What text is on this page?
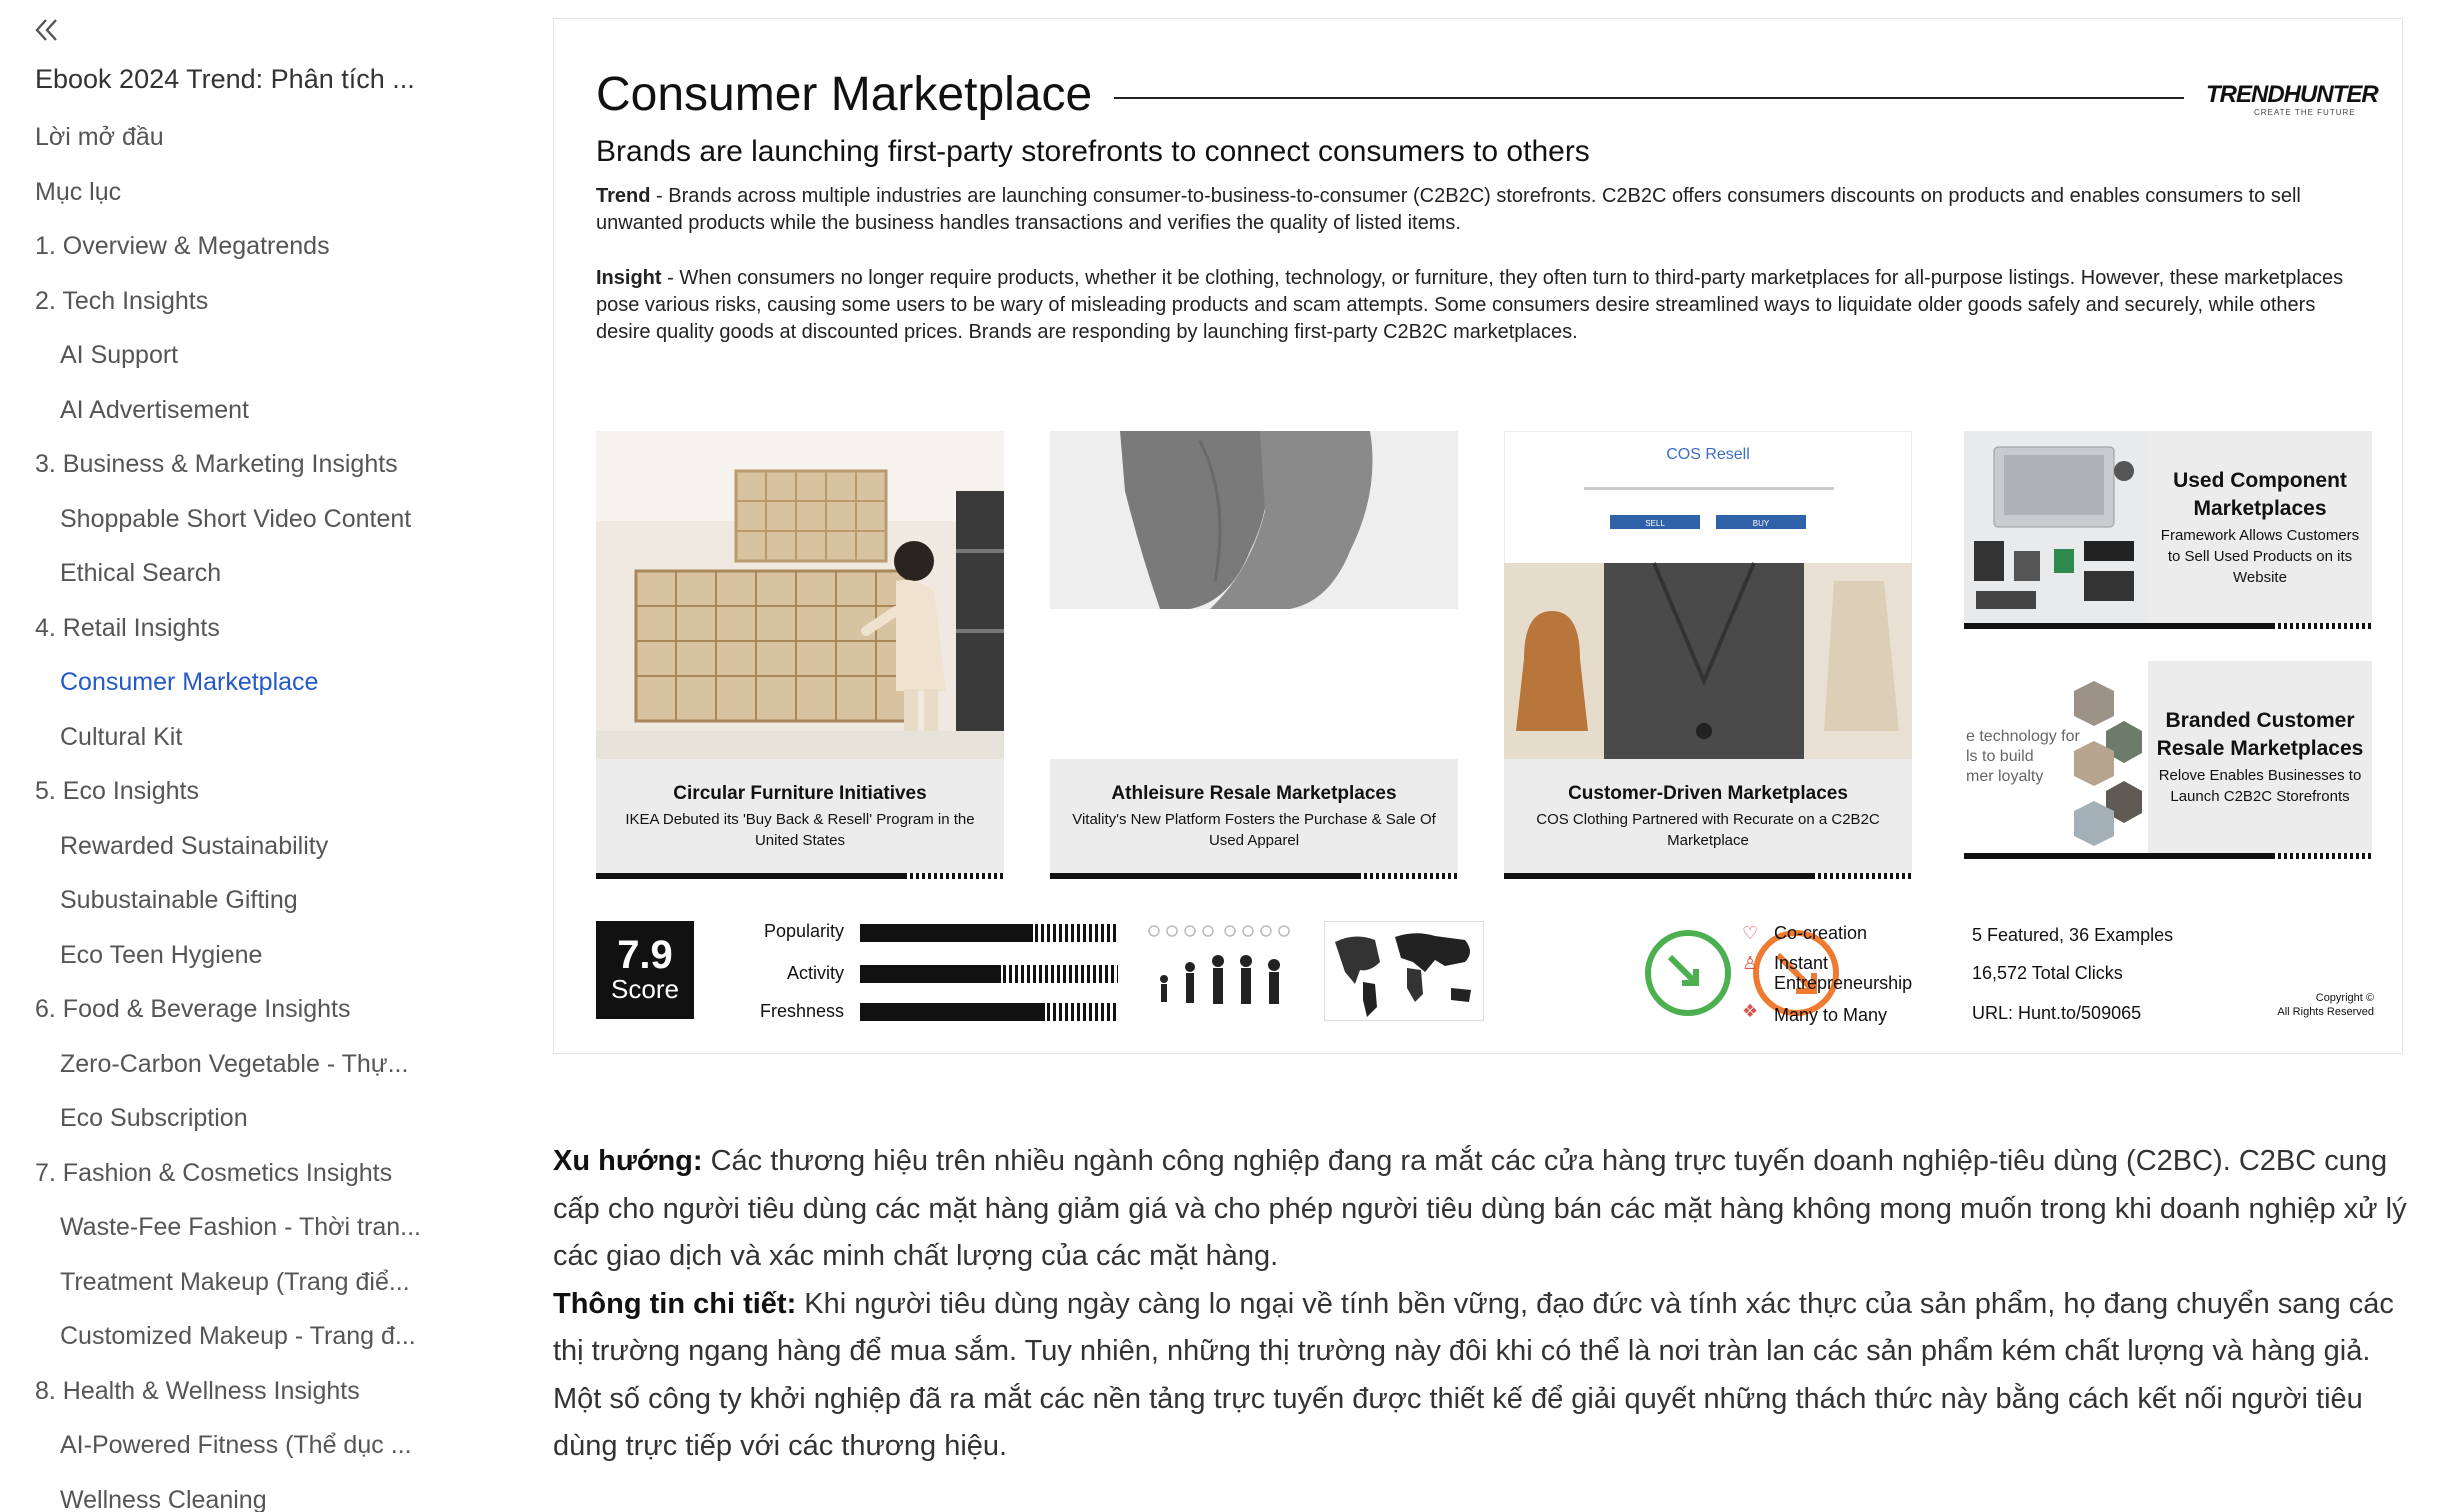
Ebook 2024 Trend: Phân tích ...
Lời mở đầu
Mục lục
1. Overview & Megatrends
2. Tech Insights
AI Support
AI Advertisement
3. Business & Marketing Insights
Shoppable Short Video Content
Ethical Search
4. Retail Insights
Consumer Marketplace
Cultural Kit
5. Eco Insights
Rewarded Sustainability
Subustainable Gifting
Eco Teen Hygiene
6. Food & Beverage Insights
Zero-Carbon Vegetable - Thự...
Eco Subscription
7. Fashion & Cosmetics Insights
Waste-Fee Fashion - Thời tran...
Treatment Makeup (Trang điể...
Customized Makeup - Trang đ...
8. Health & Wellness Insights
AI-Powered Fitness (Thể dục ...
Wellness Cleaning
Consumer Marketplace	TRENDHUNTER
CREATE THE FUTURE
Brands are launching first-party storefronts to connect consumers to others
Trend - Brands across multiple industries are launching consumer-to-business-to-consumer (C2B2C) storefronts. C2B2C offers consumers discounts on products and enables consumers to sell unwanted products while the business handles transactions and verifies the quality of listed items.
Insight - When consumers no longer require products, whether it be clothing, technology, or furniture, they often turn to third-party marketplaces for all-purpose listings. However, these marketplaces pose various risks, causing some users to be wary of misleading products and scam attempts. Some consumers desire streamlined ways to liquidate older goods safely and securely, while others desire quality goods at discounted prices. Brands are responding by launching first-party C2B2C marketplaces.
Circular Furniture Initiatives
IKEA Debuted its 'Buy Back & Resell' Program in the United States
Athleisure Resale Marketplaces
Vitality's New Platform Fosters the Purchase & Sale Of Used Apparel
COS Resell
SELL	BUY
Customer-Driven Marketplaces
COS Clothing Partnered with Recurate on a C2B2C Marketplace
Used Component Marketplaces
Framework Allows Customers to Sell Used Products on its Website
e technology for
ls to build
mer loyalty
Branded Customer Resale Marketplaces
Relove Enables Businesses to Launch C2B2C Storefronts
7.9
Score
Popularity
Activity
Freshness
♡ Co-creation
♙ Instant Entrepreneurship
❖ Many to Many
5 Featured, 36 Examples
16,572 Total Clicks
URL: Hunt.to/509065
Copyright ©
All Rights Reserved

Xu hướng: Các thương hiệu trên nhiều ngành công nghiệp đang ra mắt các cửa hàng trực tuyến doanh nghiệp-tiêu dùng (C2BC). C2BC cung cấp cho người tiêu dùng các mặt hàng giảm giá và cho phép người tiêu dùng bán các mặt hàng không mong muốn trong khi doanh nghiệp xử lý các giao dịch và xác minh chất lượng của các mặt hàng.

Thông tin chi tiết: Khi người tiêu dùng ngày càng lo ngại về tính bền vững, đạo đức và tính xác thực của sản phẩm, họ đang chuyển sang các thị trường ngang hàng để mua sắm. Tuy nhiên, những thị trường này đôi khi có thể là nơi tràn lan các sản phẩm kém chất lượng và hàng giả. Một số công ty khởi nghiệp đã ra mắt các nền tảng trực tuyến được thiết kế để giải quyết những thách thức này bằng cách kết nối người tiêu dùng trực tiếp với các thương hiệu.
